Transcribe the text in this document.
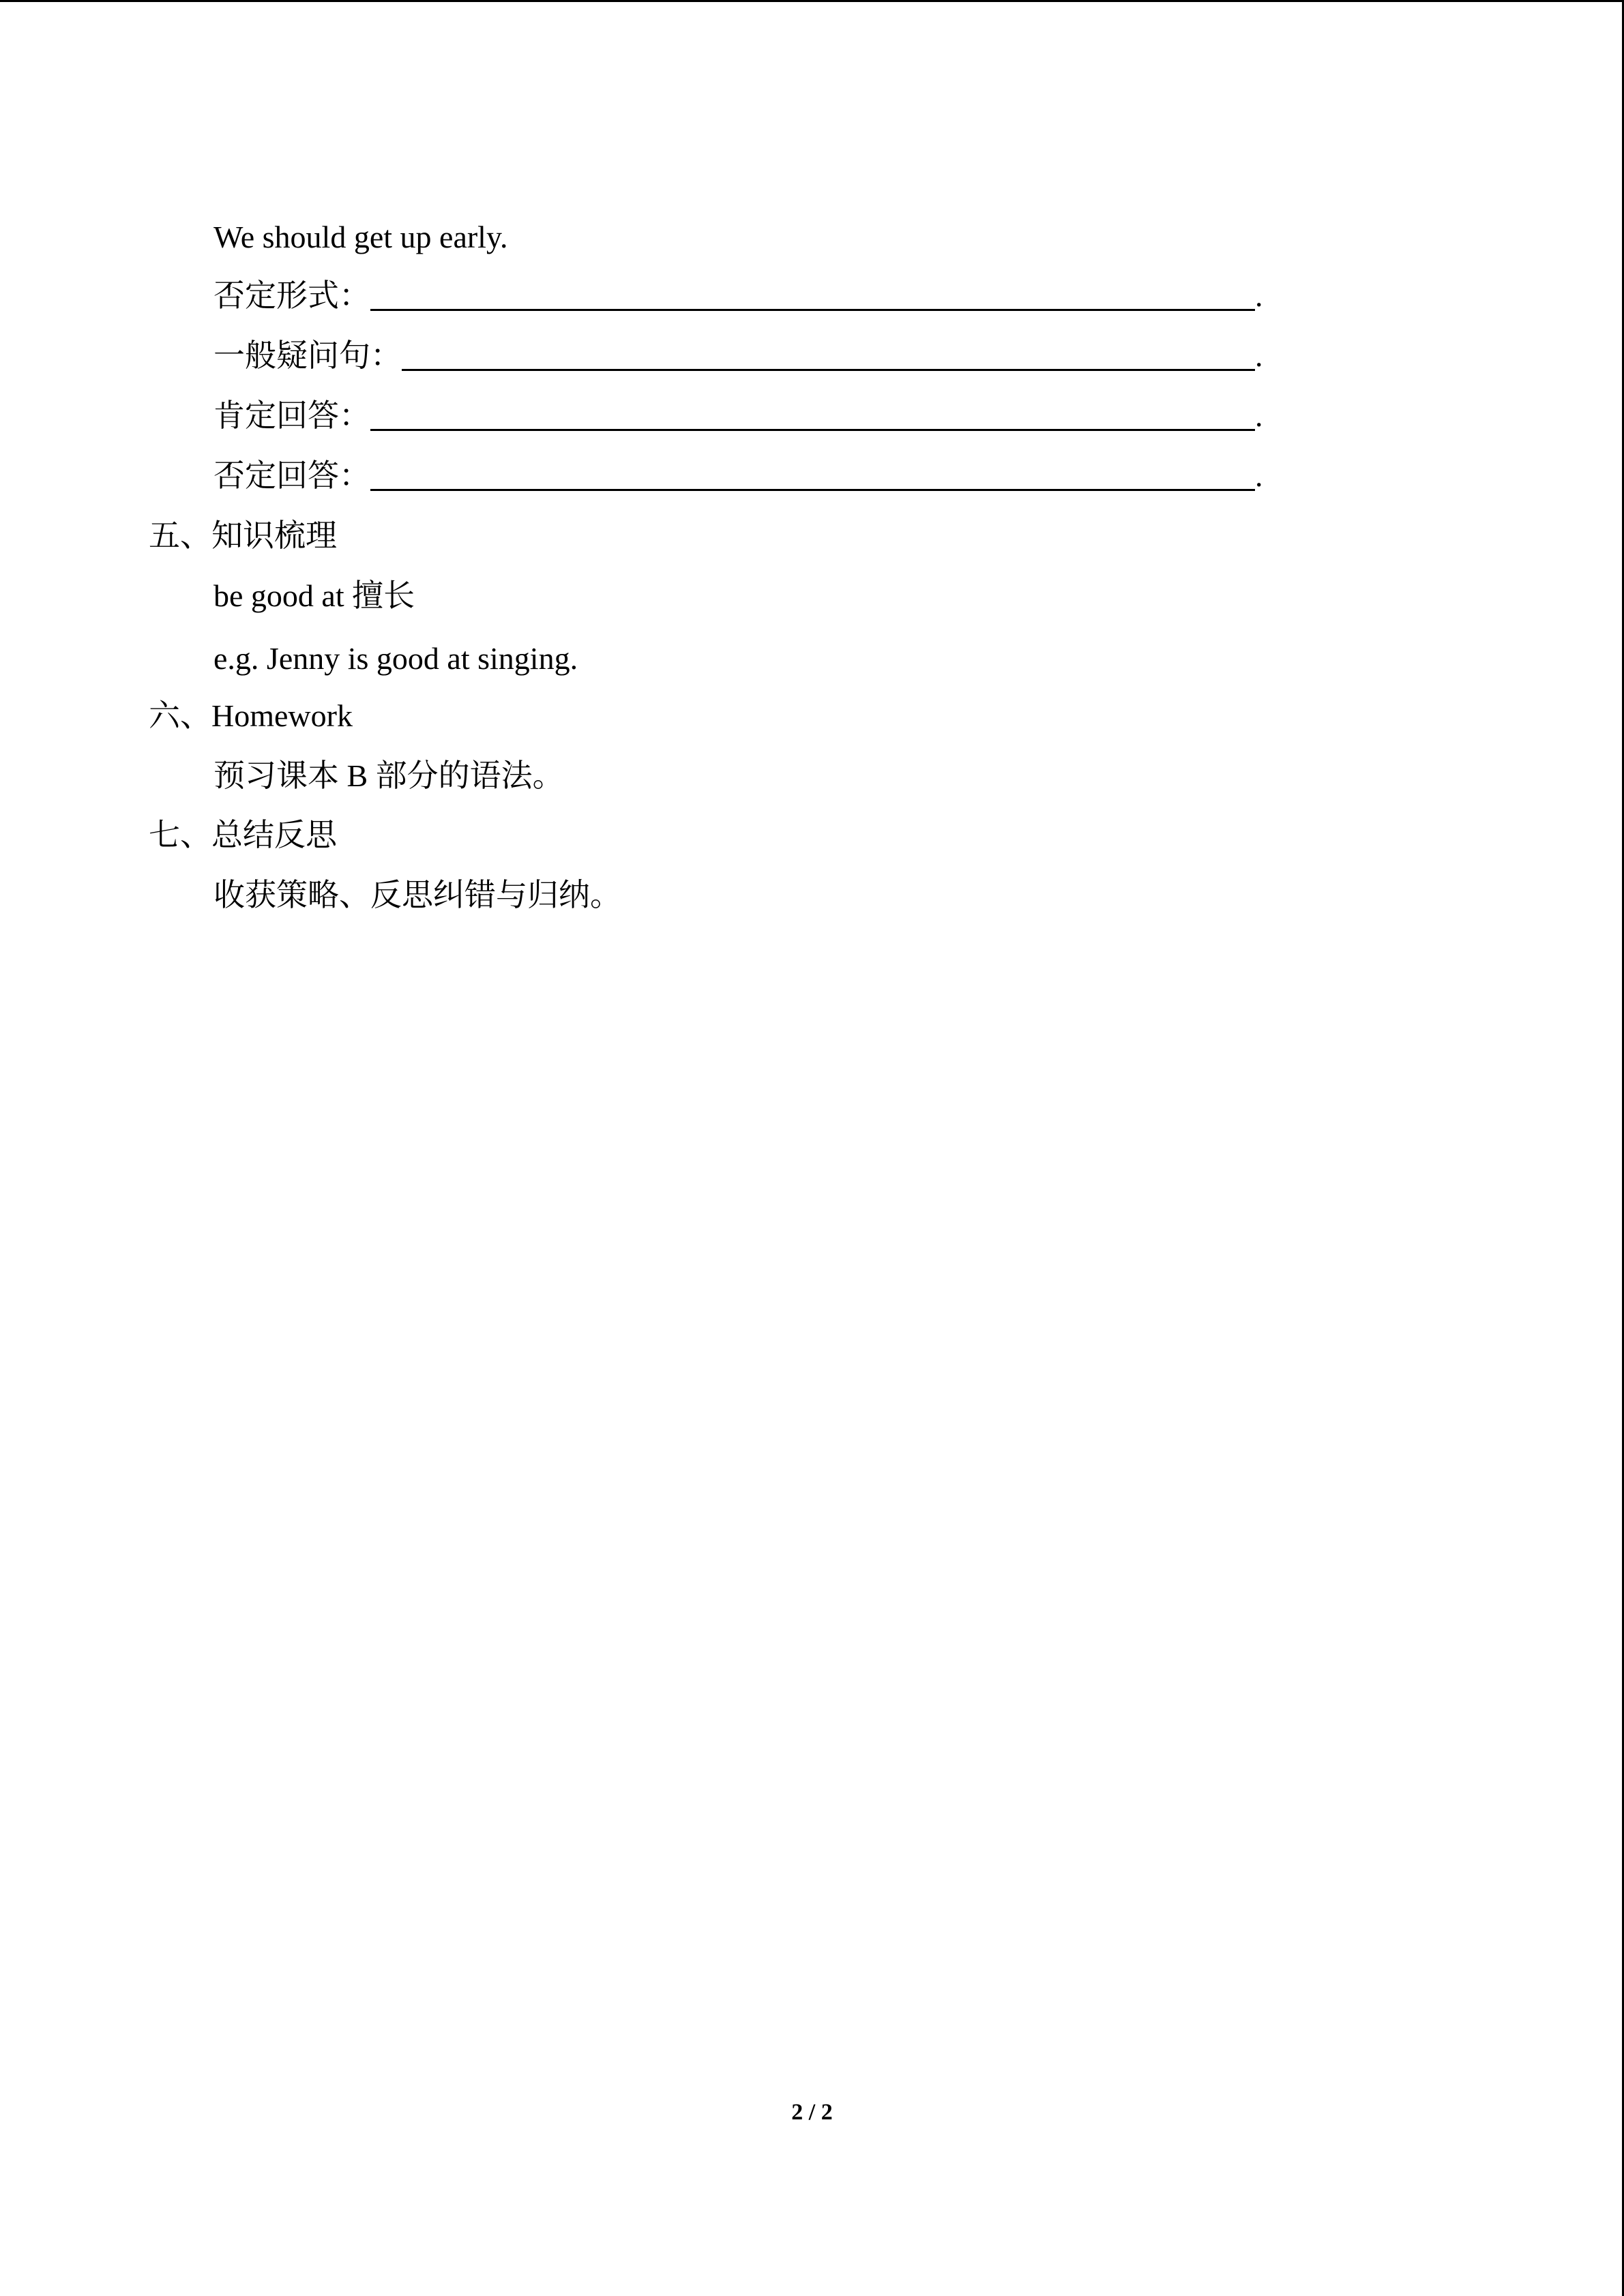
We should get up early.
否定形式：	.
一般疑问句：	.
肯定回答：	.
否定回答：	.
五、知识梳理
be good at 擅长
e.g. Jenny is good at singing.
六、Homework
预习课本 B 部分的语法。
七、总结反思
收获策略、反思纠错与归纳。
2 / 2
